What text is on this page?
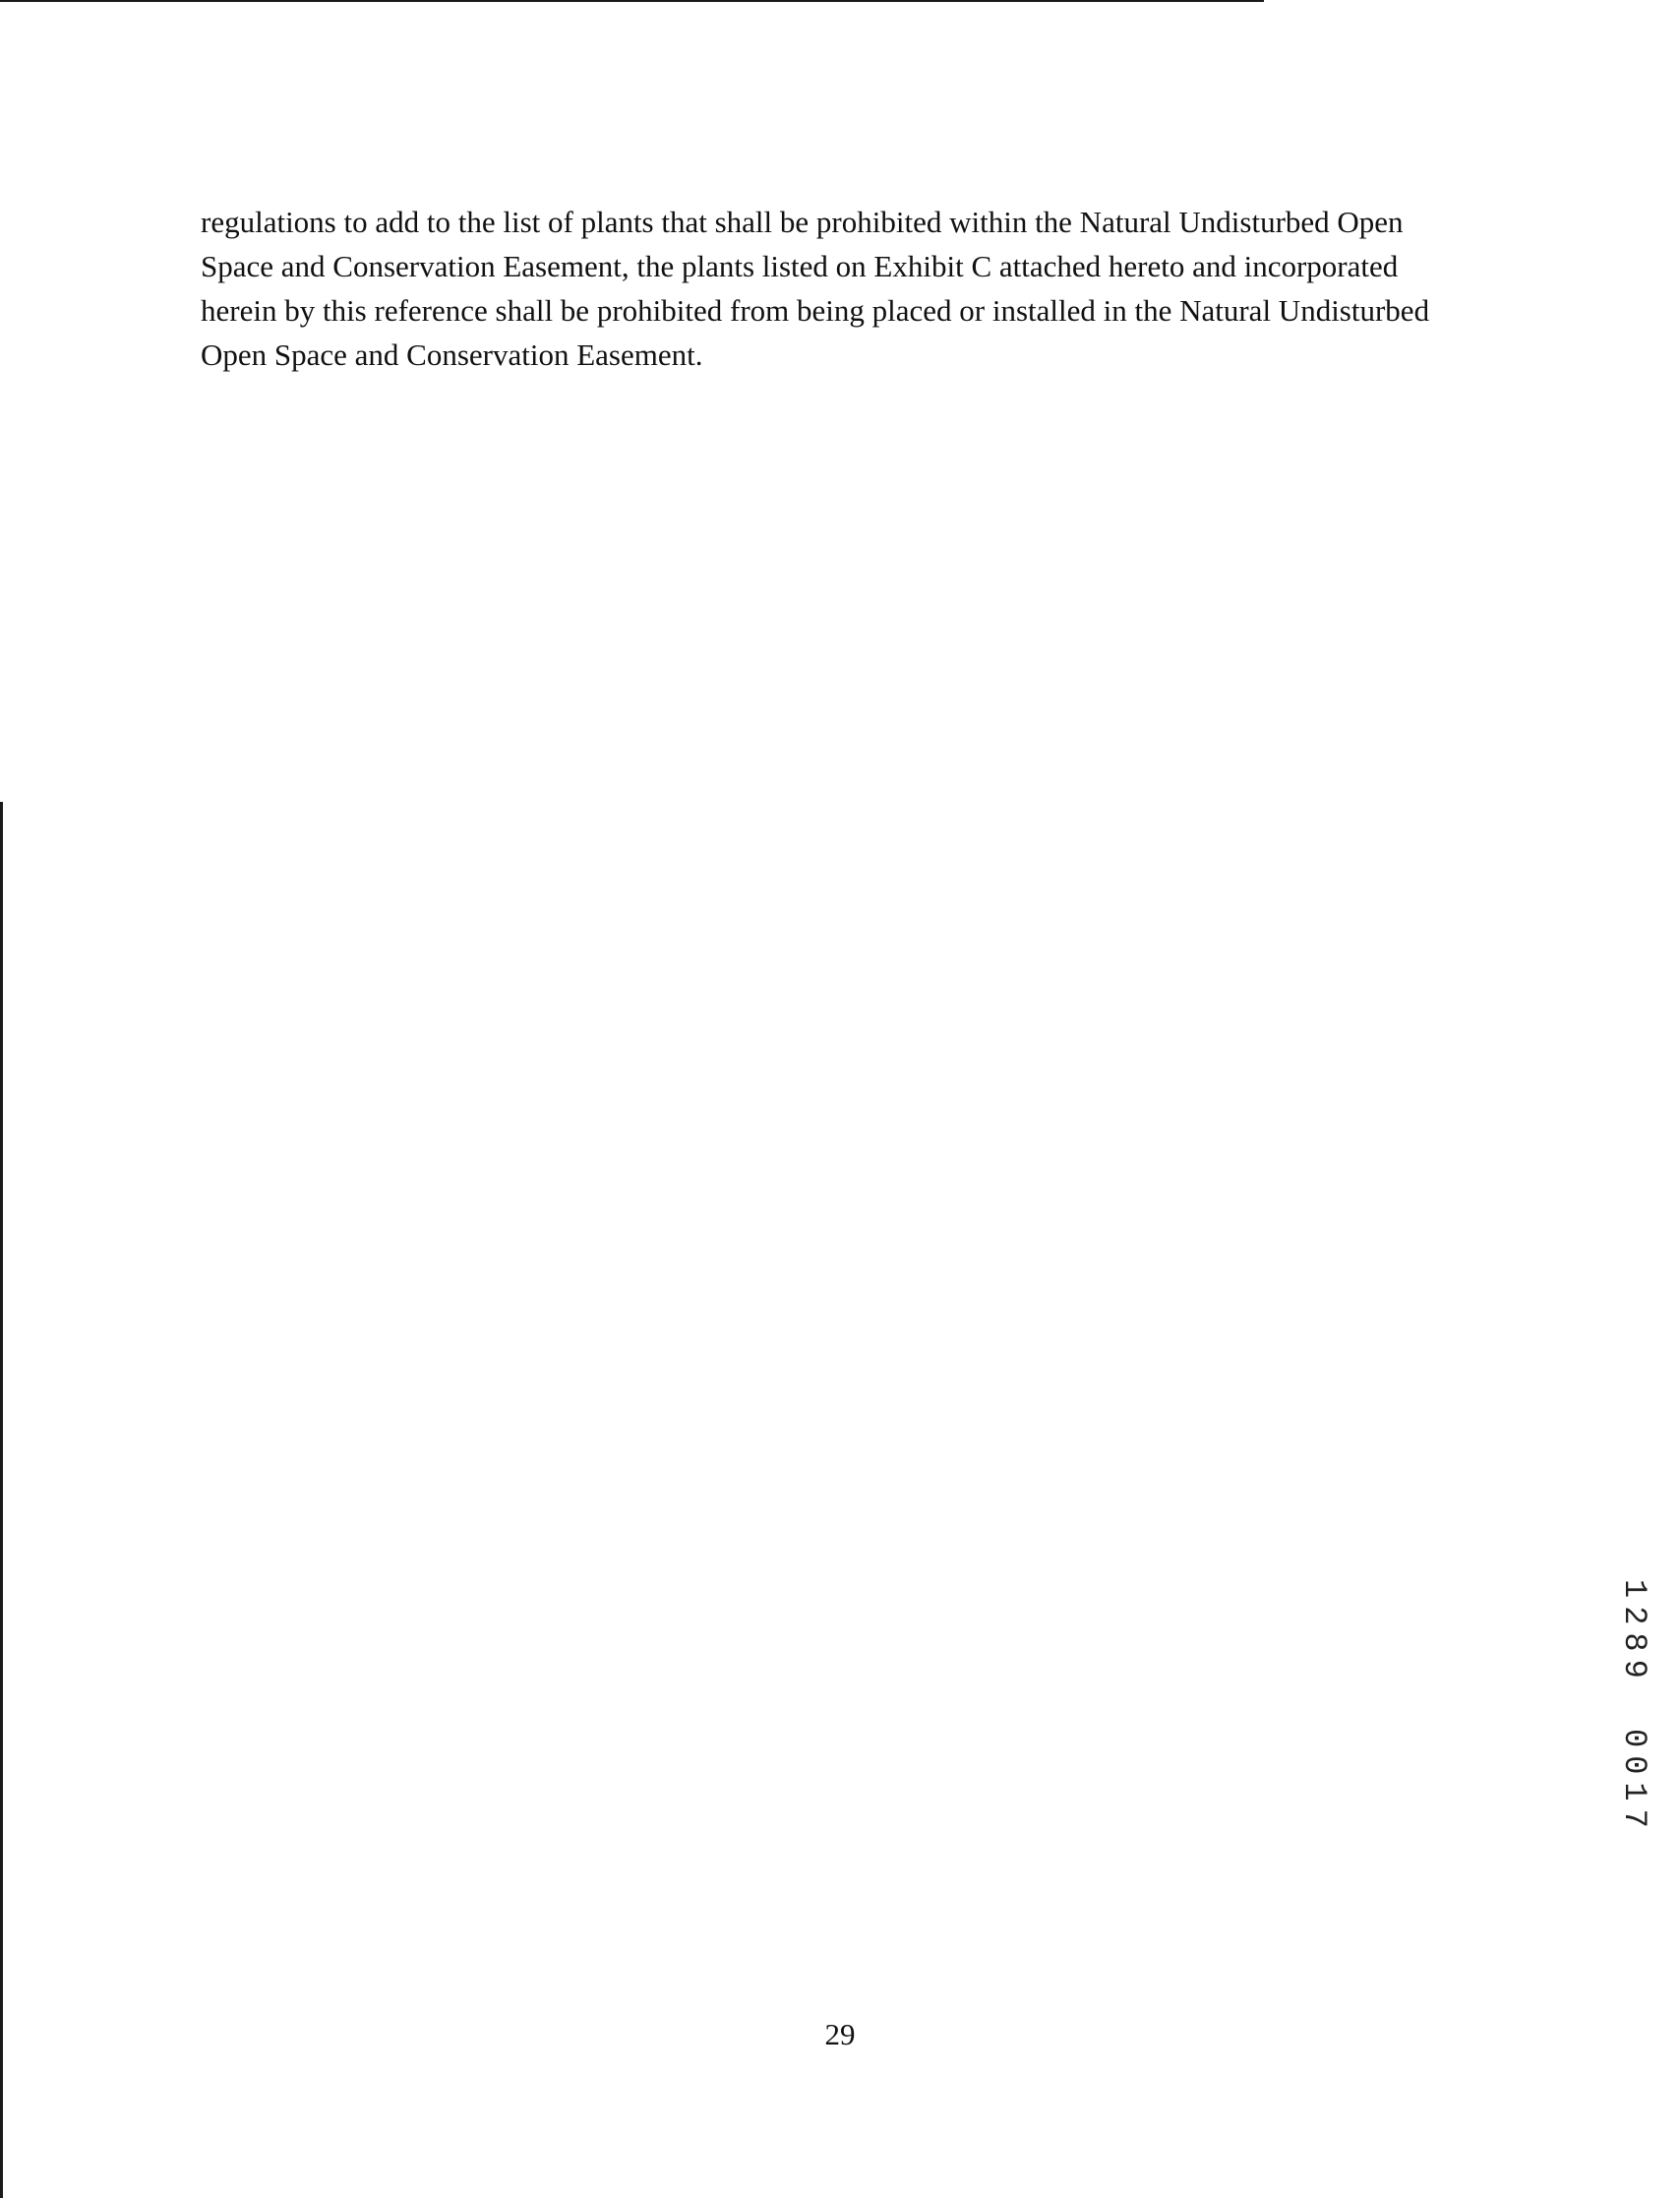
regulations to add to the list of plants that shall be prohibited within the Natural Undisturbed Open
Space and Conservation Easement, the plants listed on Exhibit C attached hereto and incorporated
herein by this reference shall be prohibited from being placed or installed in the Natural Undisturbed
Open Space and Conservation Easement.

1289
0017
29
